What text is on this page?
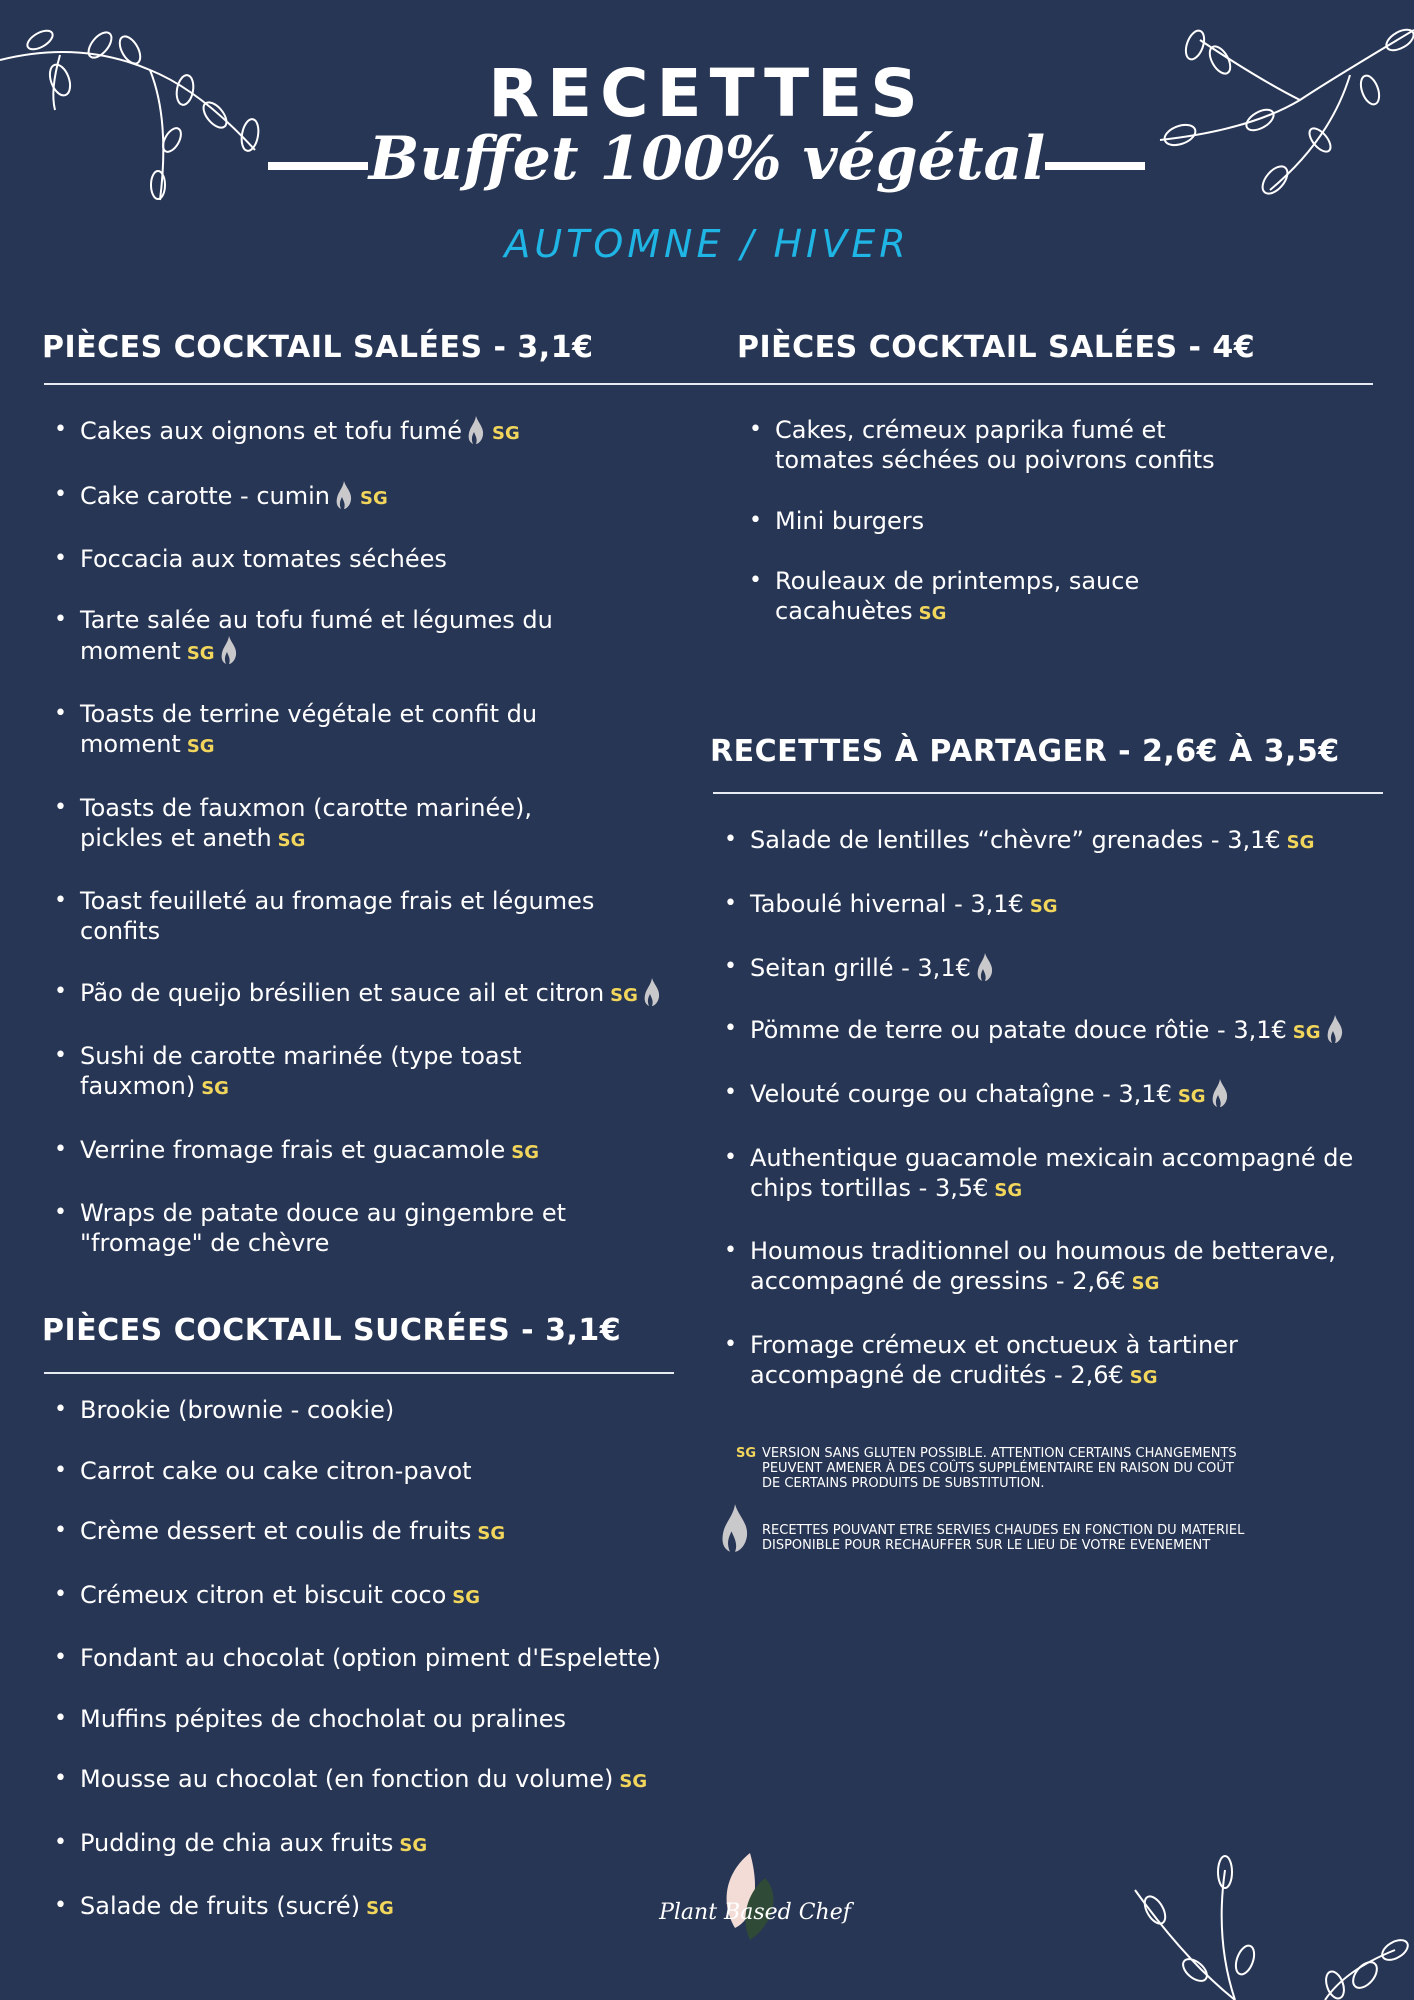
RECETTES
Buffet 100% végétal
AUTOMNE / HIVER
PIÈCES COCKTAIL SALÉES - 3,1€
• Cakes aux oignons et tofu fumé SG
• Cake carotte - cumin SG
• Foccacia aux tomates séchées
• Tarte salée au tofu fumé et légumes du
moment SG
• Toasts de terrine végétale et confit du
moment SG
• Toasts de fauxmon (carotte marinée),
pickles et aneth SG
• Toast feuilleté au fromage frais et légumes
confits
• Pão de queijo brésilien et sauce ail et citron SG
• Sushi de carotte marinée (type toast
fauxmon) SG
• Verrine fromage frais et guacamole SG
• Wraps de patate douce au gingembre et
"fromage" de chèvre
PIÈCES COCKTAIL SALÉES - 4€
• Cakes, crémeux paprika fumé et
tomates séchées ou poivrons confits
• Mini burgers
• Rouleaux de printemps, sauce
cacahuètes SG
RECETTES À PARTAGER - 2,6€ À 3,5€
• Salade de lentilles “chèvre” grenades - 3,1€ SG
• Taboulé hivernal - 3,1€ SG
• Seitan grillé - 3,1€
• Pömme de terre ou patate douce rôtie - 3,1€ SG
• Velouté courge ou chataîgne - 3,1€ SG
• Authentique guacamole mexicain accompagné de
chips tortillas - 3,5€ SG
• Houmous traditionnel ou houmous de betterave,
accompagné de gressins - 2,6€ SG
• Fromage crémeux et onctueux à tartiner
accompagné de crudités - 2,6€ SG
PIÈCES COCKTAIL SUCRÉES - 3,1€
• Brookie (brownie - cookie)
• Carrot cake ou cake citron-pavot
• Crème dessert et coulis de fruits SG
• Crémeux citron et biscuit coco SG
• Fondant au chocolat (option piment d'Espelette)
• Muffins pépites de chocholat ou pralines
• Mousse au chocolat (en fonction du volume) SG
• Pudding de chia aux fruits SG
• Salade de fruits (sucré) SG
SG VERSION SANS GLUTEN POSSIBLE. ATTENTION CERTAINS CHANGEMENTS
PEUVENT AMENER À DES COÛTS SUPPLÉMENTAIRE EN RAISON DU COÛT
DE CERTAINS PRODUITS DE SUBSTITUTION.
RECETTES POUVANT ETRE SERVIES CHAUDES EN FONCTION DU MATERIEL
DISPONIBLE POUR RECHAUFFER SUR LE LIEU DE VOTRE EVENEMENT
Plant Based Chef
